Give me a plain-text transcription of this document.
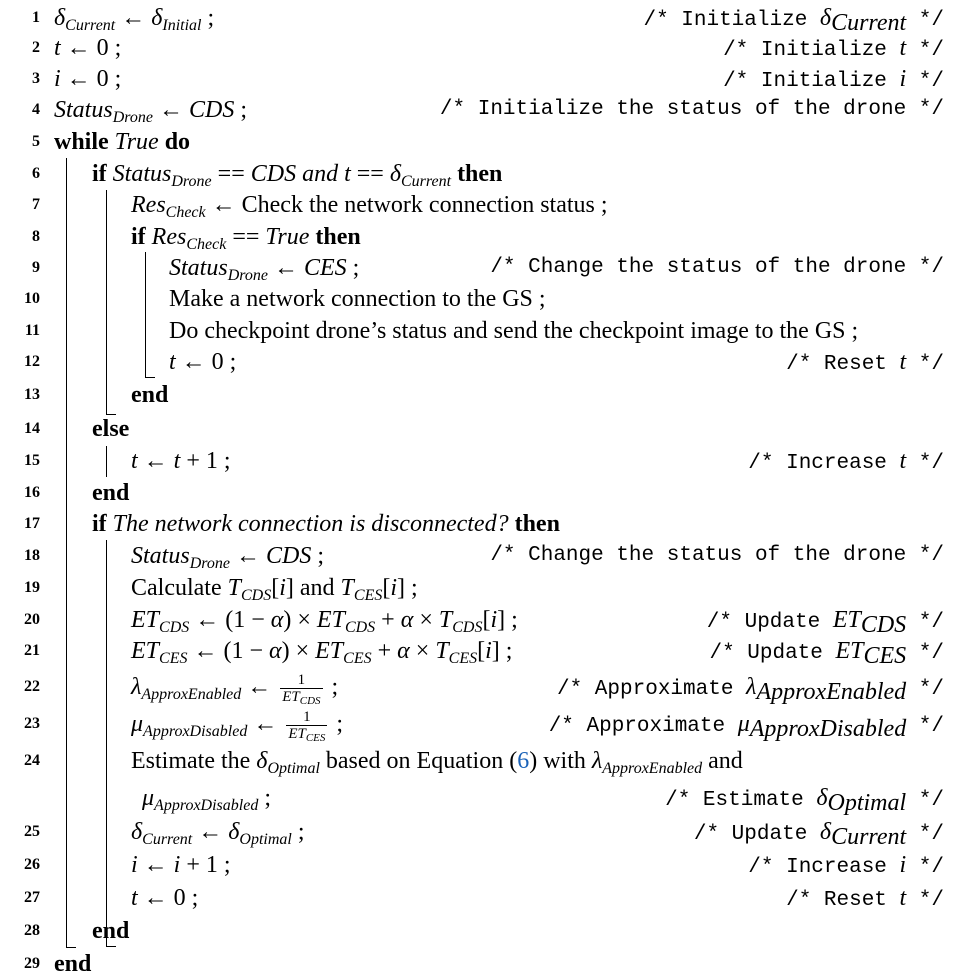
1 $\delta_{Current}$ ← $\delta_{Initial}$ ;	/* Initialize $\delta_{Current}$ */
2 t ← 0 ;	/* Initialize t */
3 i ← 0 ;	/* Initialize i */
4 Status$_{Drone}$ ← CDS ;	/* Initialize the status of the drone */
5 while True do
6 if Status$_{Drone}$ == CDS and $t == \delta_{Current}$ then
7	Res$_{Check}$ ← Check the network connection status ;
8	if Res$_{Check}$ == True then
9	Status$_{Drone}$ ← CES ;	/* Change the status of the drone */
10	Make a network connection to the GS ;
11	Do checkpoint drone’s status and send the checkpoint image to the GS ;
12	t ← 0 ;	/* Reset t */
13	end
14 else
15	t ← t + 1 ;	/* Increase t */
16 end
17 if The network connection is disconnected? then
18	Status$_{Drone}$ ← CDS ;	/* Change the status of the drone */
19	Calculate $T_{CDS}[i]$ and $T_{CES}[i]$ ;
20	$ET_{CDS}$ ← $(1 - \alpha) \times ET_{CDS} + \alpha \times T_{CDS}[i]$ ;	/* Update $ET_{CDS}$ */
21	$ET_{CES}$ ← $(1 - \alpha) \times ET_{CES} + \alpha \times T_{CES}[i]$ ;	/* Update $ET_{CES}$ */
22	$\lambda_{ApproxEnabled}$ ← $\frac{1}{ET_{CDS}}$ ;	/* Approximate $\lambda_{ApproxEnabled}$ */
23	$\mu_{ApproxDisabled}$ ← $\frac{1}{ET_{CES}}$ ;	/* Approximate $\mu_{ApproxDisabled}$ */
24	Estimate the $\delta_{Optimal}$ based on Equation (6) with $\lambda_{ApproxEnabled}$ and
$\mu_{ApproxDisabled}$ ;	/* Estimate $\delta_{Optimal}$ */
25	$\delta_{Current}$ ← $\delta_{Optimal}$ ;	/* Update $\delta_{Current}$ */
26	i ← i + 1 ;	/* Increase i */
27	t ← 0 ;	/* Reset t */
28 end
29 end
